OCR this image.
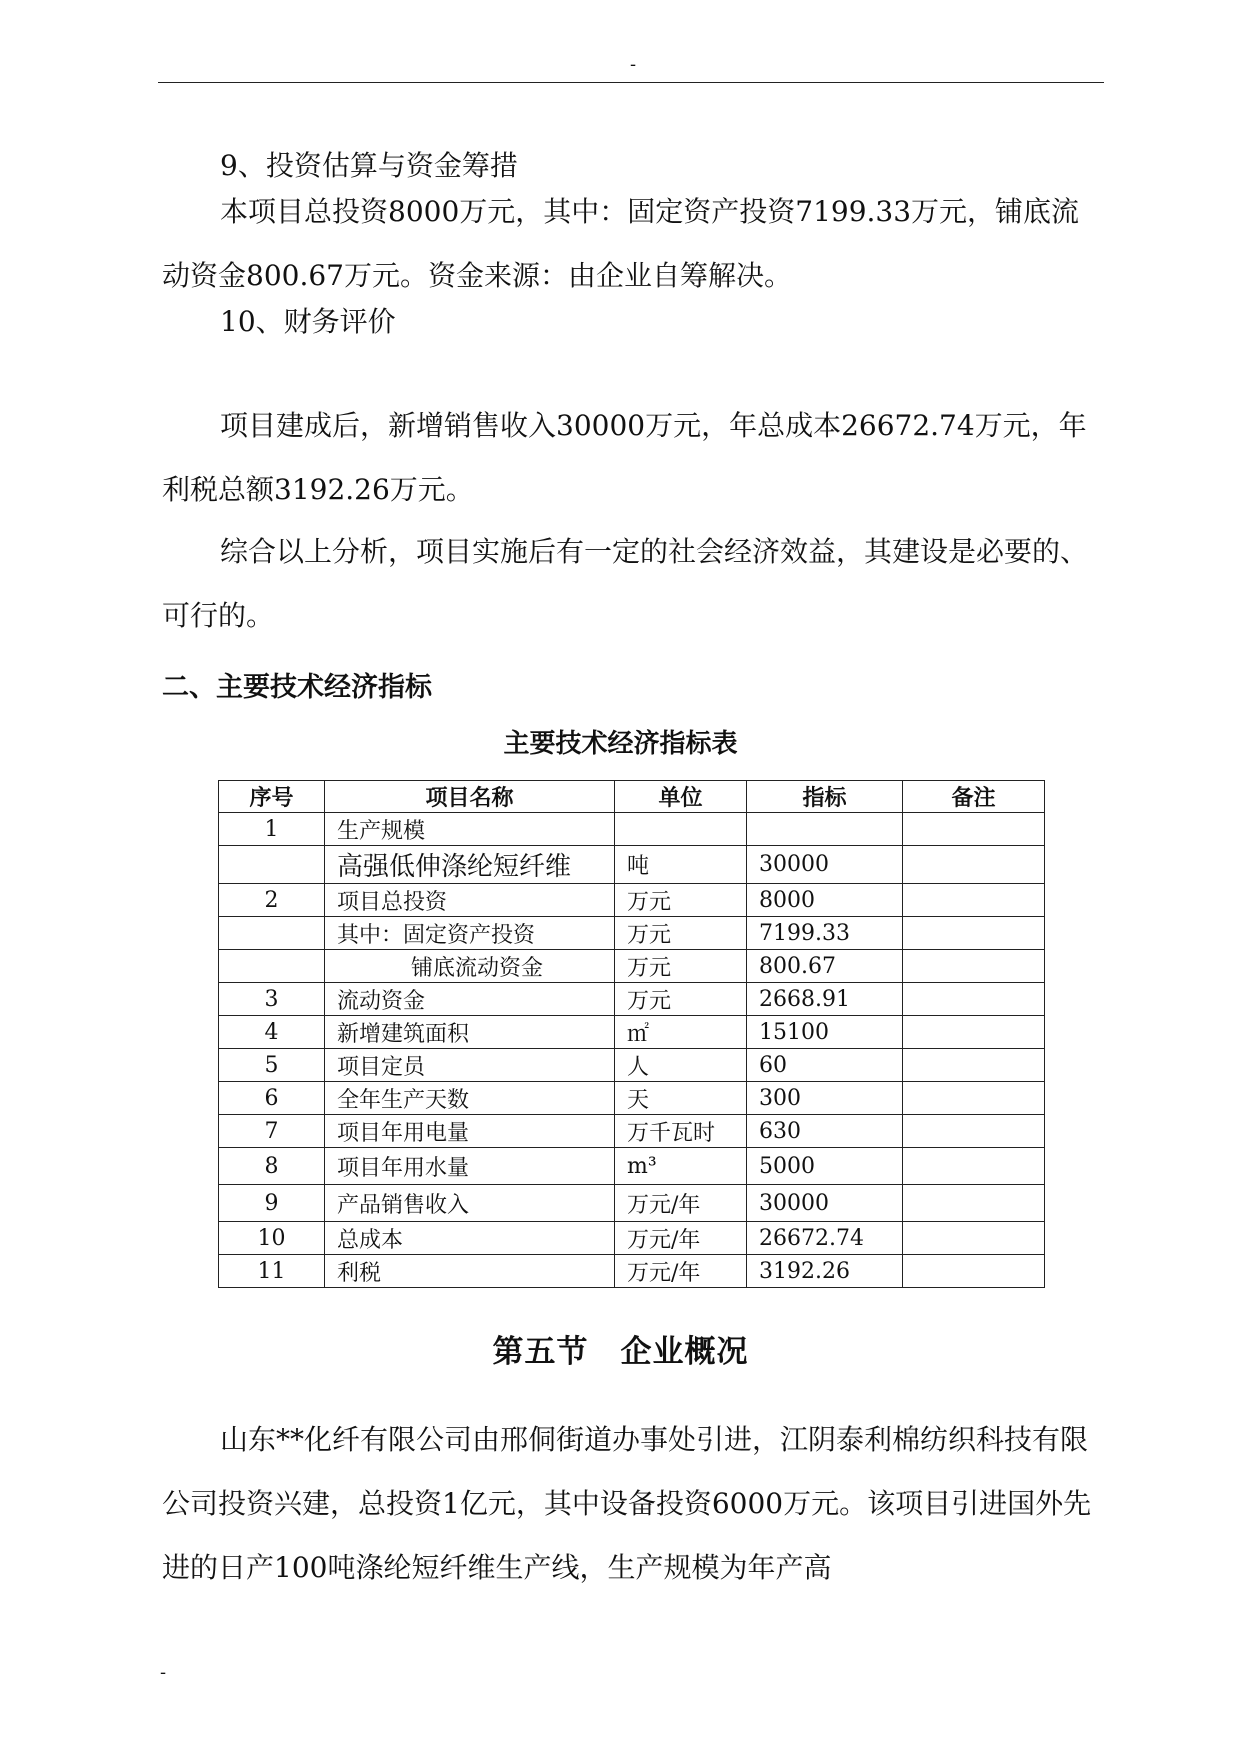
-

9、投资估算与资金筹措

本项目总投资8000万元，其中：固定资产投资7199.33万元，铺底流动资金800.67万元。资金来源：由企业自筹解决。

10、财务评价

项目建成后，新增销售收入30000万元，年总成本26672.74万元，年利税总额3192.26万元。

综合以上分析，项目实施后有一定的社会经济效益，其建设是必要的、可行的。

二、主要技术经济指标
主要技术经济指标表
序号	项目名称	单位	指标	备注
1	生产规模			
	高强低伸涤纶短纤维	吨	30000	
2	项目总投资	万元	8000	
	其中：固定资产投资	万元	7199.33	
	铺底流动资金	万元	800.67	
3	流动资金	万元	2668.91	
4	新增建筑面积	㎡	15100	
5	项目定员	人	60	
6	全年生产天数	天	300	
7	项目年用电量	万千瓦时	630	
8	项目年用水量	m³	5000	
9	产品销售收入	万元/年	30000	
10	总成本	万元/年	26672.74	
11	利税	万元/年	3192.26	
第五节　企业概况

山东**化纤有限公司由邢侗街道办事处引进，江阴泰利棉纺织科技有限公司投资兴建，总投资1亿元，其中设备投资6000万元。该项目引进国外先进的日产100吨涤纶短纤维生产线，生产规模为年产高

-
